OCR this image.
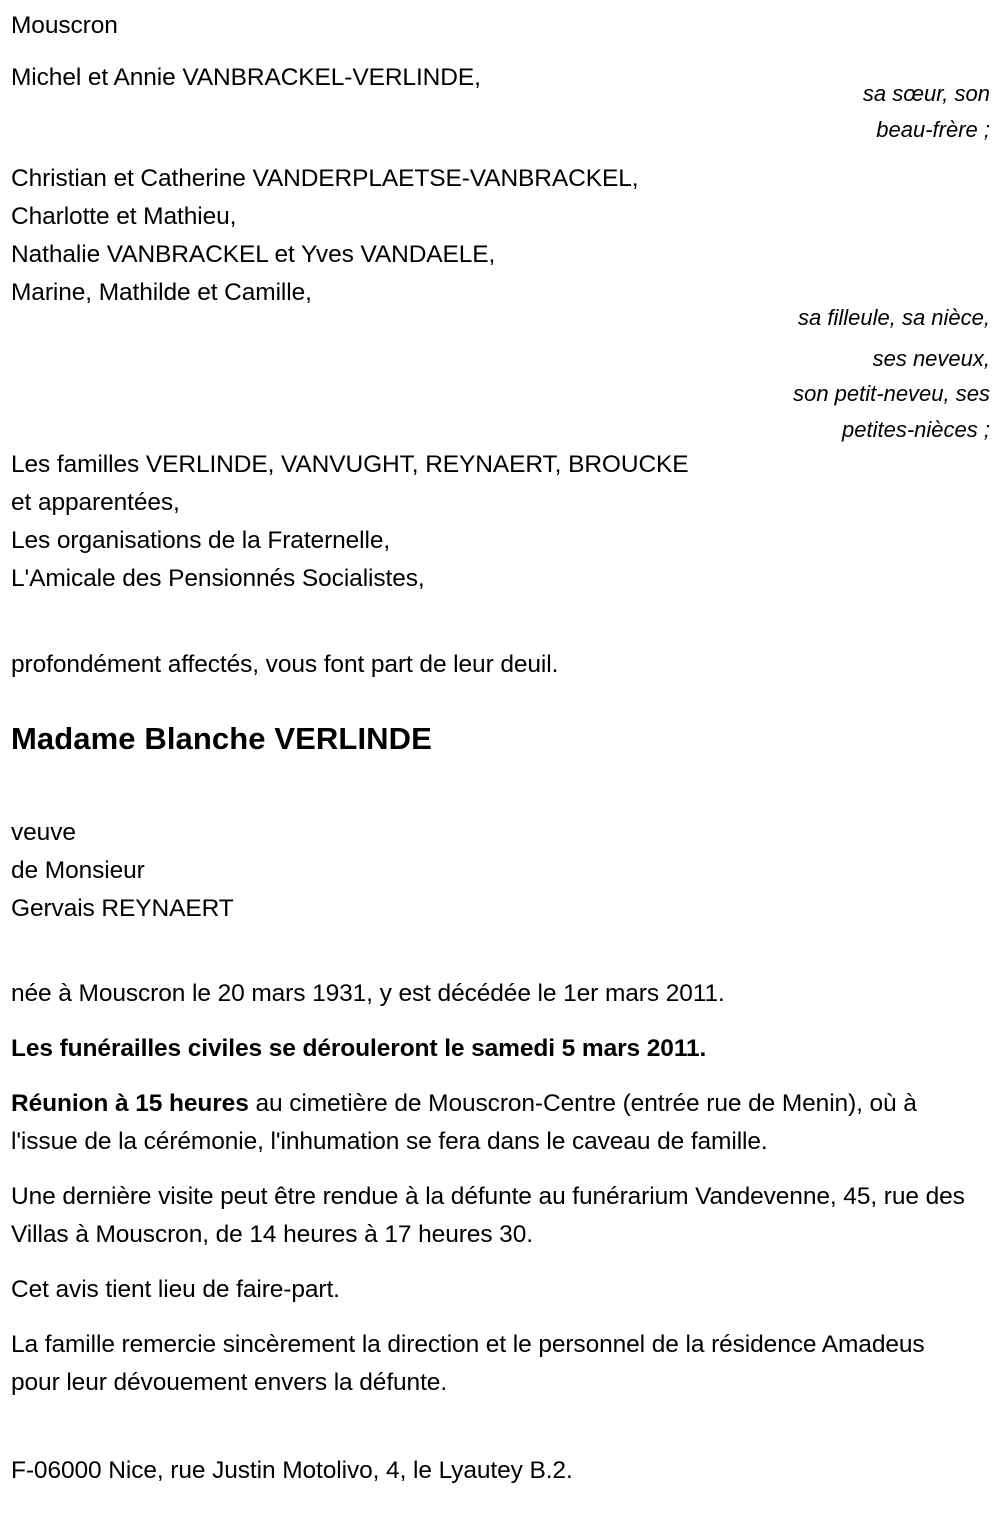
Mouscron
Michel et Annie VANBRACKEL-VERLINDE,
sa sœur, son
beau-frère ;
Christian et Catherine VANDERPLAETSE-VANBRACKEL,
Charlotte et Mathieu,
Nathalie VANBRACKEL et Yves VANDAELE,
Marine, Mathilde et Camille,
sa filleule, sa nièce,
ses neveux,
son petit-neveu, ses
petites-nièces ;
Les familles VERLINDE, VANVUGHT, REYNAERT, BROUCKE
et apparentées,
Les organisations de la Fraternelle,
L'Amicale des Pensionnés Socialistes,
profondément affectés, vous font part de leur deuil.
Madame Blanche VERLINDE
veuve
de Monsieur
Gervais REYNAERT

née à Mouscron le 20 mars 1931, y est décédée le 1er mars 2011.

Les funérailles civiles se dérouleront le samedi 5 mars 2011.

Réunion à 15 heures au cimetière de Mouscron-Centre (entrée rue de Menin), où à l'issue de la cérémonie, l'inhumation se fera dans le caveau de famille.

Une dernière visite peut être rendue à la défunte au funérarium Vandevenne, 45, rue des Villas à Mouscron, de 14 heures à 17 heures 30.

Cet avis tient lieu de faire-part.

La famille remercie sincèrement la direction et le personnel de la résidence Amadeus pour leur dévouement envers la défunte.

F-06000 Nice, rue Justin Motolivo, 4, le Lyautey B.2.
